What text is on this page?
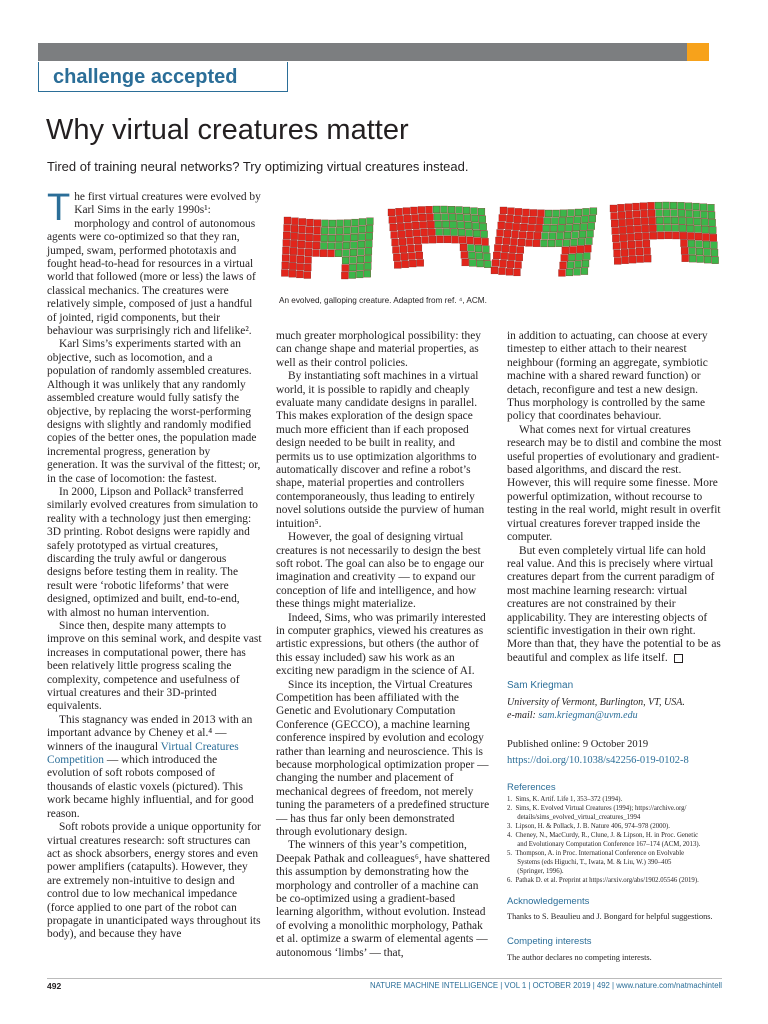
challenge accepted
Why virtual creatures matter
Tired of training neural networks? Try optimizing virtual creatures instead.

The first virtual creatures were evolved by Karl Sims in the early 1990s¹: morphology and control of autonomous agents were co-optimized so that they ran, jumped, swam, performed phototaxis and fought head-to-head for resources in a virtual world that followed (more or less) the laws of classical mechanics. The creatures were relatively simple, composed of just a handful of jointed, rigid components, but their behaviour was surprisingly rich and lifelike².

Karl Sims’s experiments started with an objective, such as locomotion, and a population of randomly assembled creatures. Although it was unlikely that any randomly assembled creature would fully satisfy the objective, by replacing the worst-performing designs with slightly and randomly modified copies of the better ones, the population made incremental progress, generation by generation. It was the survival of the fittest; or, in the case of locomotion: the fastest.

In 2000, Lipson and Pollack³ transferred similarly evolved creatures from simulation to reality with a technology just then emerging: 3D printing. Robot designs were rapidly and safely prototyped as virtual creatures, discarding the truly awful or dangerous designs before testing them in reality. The result were ‘robotic lifeforms’ that were designed, optimized and built, end-to-end, with almost no human intervention.

Since then, despite many attempts to improve on this seminal work, and despite vast increases in computational power, there has been relatively little progress scaling the complexity, competence and usefulness of virtual creatures and their 3D-printed equivalents.

This stagnancy was ended in 2013 with an important advance by Cheney et al.⁴ — winners of the inaugural Virtual Creatures Competition — which introduced the evolution of soft robots composed of thousands of elastic voxels (pictured). This work became highly influential, and for good reason.

Soft robots provide a unique opportunity for virtual creatures research: soft structures can act as shock absorbers, energy stores and even power amplifiers (catapults). However, they are extremely non-intuitive to design and control due to low mechanical impedance (force applied to one part of the robot can propagate in unanticipated ways throughout its body), and because they have

An evolved, galloping creature. Adapted from ref. ⁴, ACM.

much greater morphological possibility: they can change shape and material properties, as well as their control policies.

By instantiating soft machines in a virtual world, it is possible to rapidly and cheaply evaluate many candidate designs in parallel. This makes exploration of the design space much more efficient than if each proposed design needed to be built in reality, and permits us to use optimization algorithms to automatically discover and refine a robot’s shape, material properties and controllers contemporaneously, thus leading to entirely novel solutions outside the purview of human intuition⁵.

However, the goal of designing virtual creatures is not necessarily to design the best soft robot. The goal can also be to engage our imagination and creativity — to expand our conception of life and intelligence, and how these things might materialize.

Indeed, Sims, who was primarily interested in computer graphics, viewed his creatures as artistic expressions, but others (the author of this essay included) saw his work as an exciting new paradigm in the science of AI.

Since its inception, the Virtual Creatures Competition has been affiliated with the Genetic and Evolutionary Computation Conference (GECCO), a machine learning conference inspired by evolution and ecology rather than learning and neuroscience. This is because morphological optimization proper — changing the number and placement of mechanical degrees of freedom, not merely tuning the parameters of a predefined structure — has thus far only been demonstrated through evolutionary design.

The winners of this year’s competition, Deepak Pathak and colleagues⁶, have shattered this assumption by demonstrating how the morphology and controller of a machine can be co-optimized using a gradient-based learning algorithm, without evolution. Instead of evolving a monolithic morphology, Pathak et al. optimize a swarm of elemental agents — autonomous ‘limbs’ — that,

in addition to actuating, can choose at every timestep to either attach to their nearest neighbour (forming an aggregate, symbiotic machine with a shared reward function) or detach, reconfigure and test a new design. Thus morphology is controlled by the same policy that coordinates behaviour.

What comes next for virtual creatures research may be to distil and combine the most useful properties of evolutionary and gradient-based algorithms, and discard the rest. However, this will require some finesse. More powerful optimization, without recourse to testing in the real world, might result in overfit virtual creatures forever trapped inside the computer.

But even completely virtual life can hold real value. And this is precisely where virtual creatures depart from the current paradigm of most machine learning research: virtual creatures are not constrained by their applicability. They are interesting objects of scientific investigation in their own right. More than that, they have the potential to be as beautiful and complex as life itself.

Sam Kriegman
University of Vermont, Burlington, VT, USA.
e-mail: sam.kriegman@uvm.edu
Published online: 9 October 2019
https://doi.org/10.1038/s42256-019-0102-8
References
1.  Sims, K. Artif. Life 1, 353–372 (1994).
2.  Sims, K. Evolved Virtual Creatures (1994); https://archive.org/
details/sims_evolved_virtual_creatures_1994
3.  Lipson, H. & Pollack, J. B. Nature 406, 974–978 (2000).
4.  Cheney, N., MacCurdy, R., Clune, J. & Lipson, H. in Proc. Genetic
and Evolutionary Computation Conference 167–174 (ACM, 2013).
5.  Thompson, A. in Proc. International Conference on Evolvable
Systems (eds Higuchi, T., Iwata, M. & Liu, W.) 390–405
(Springer, 1996).
6.  Pathak D. et al. Preprint at https://arxiv.org/abs/1902.05546 (2019).
Acknowledgements
Thanks to S. Beaulieu and J. Bongard for helpful suggestions.
Competing interests
The author declares no competing interests.
492	NATURE MACHINE INTELLIGENCE | VOL 1 | OCTOBER 2019 | 492 | www.nature.com/natmachintell
